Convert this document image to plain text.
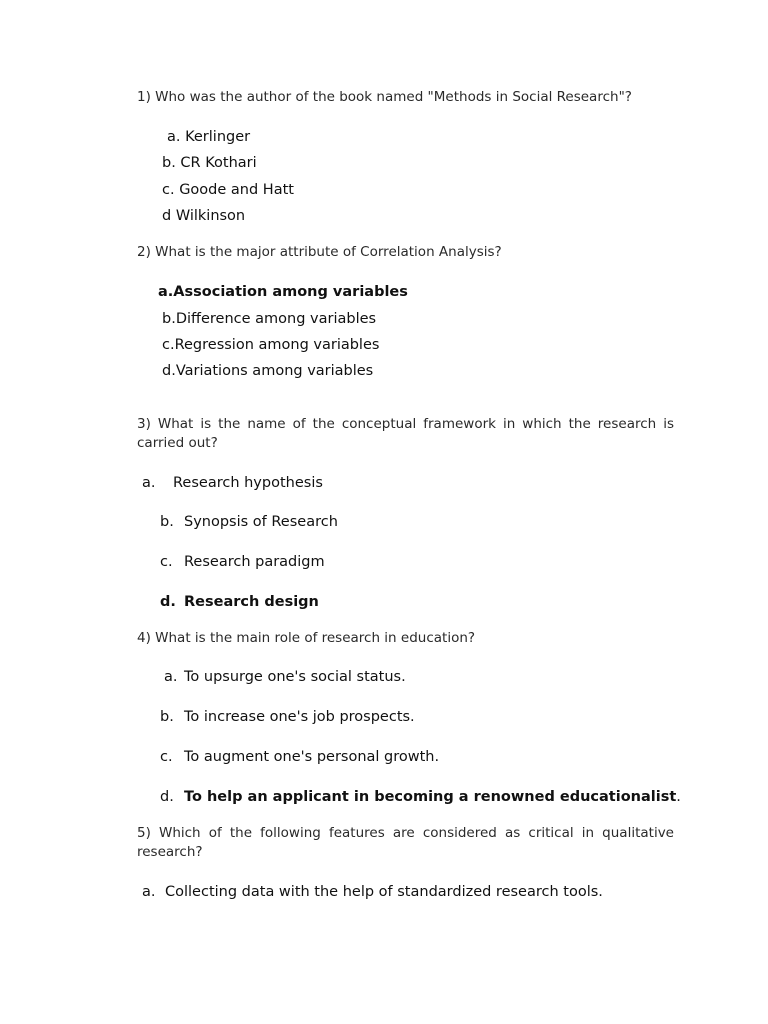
1) Who was the author of the book named "Methods in Social Research"?

a. Kerlinger
b. CR Kothari
c. Goode and Hatt
d Wilkinson

2) What is the major attribute of Correlation Analysis?

a.Association among variables
b.Difference among variables
c.Regression among variables
d.Variations among variables

3) What is the name of the conceptual framework in which the research is carried out?

a. Research hypothesis
b. Synopsis of Research
c. Research paradigm
d. Research design

4) What is the main role of research in education?

a. To upsurge one's social status.
b. To increase one's job prospects.
c. To augment one's personal growth.
d. To help an applicant in becoming a renowned educationalist.

5) Which of the following features are considered as critical in qualitative research?

a. Collecting data with the help of standardized research tools.
